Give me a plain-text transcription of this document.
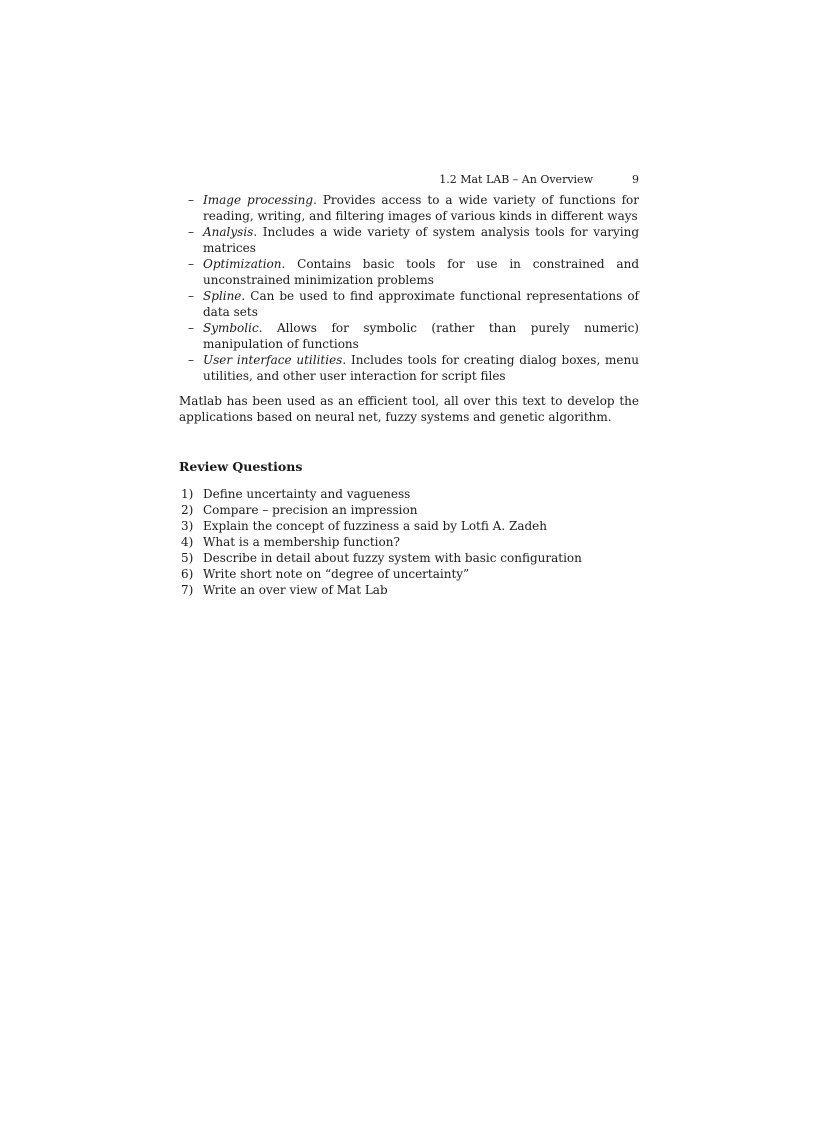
1.2 Mat LAB – An Overview	9
– Image processing. Provides access to a wide variety of functions for reading, writing, and filtering images of various kinds in different ways
– Analysis. Includes a wide variety of system analysis tools for varying matrices
– Optimization. Contains basic tools for use in constrained and unconstrained minimization problems
– Spline. Can be used to find approximate functional representations of data sets
– Symbolic. Allows for symbolic (rather than purely numeric) manipulation of functions
– User interface utilities. Includes tools for creating dialog boxes, menu utilities, and other user interaction for script files

Matlab has been used as an efficient tool, all over this text to develop the applications based on neural net, fuzzy systems and genetic algorithm.

Review Questions
1) Define uncertainty and vagueness
2) Compare – precision an impression
3) Explain the concept of fuzziness a said by Lotfi A. Zadeh
4) What is a membership function?
5) Describe in detail about fuzzy system with basic configuration
6) Write short note on “degree of uncertainty”
7) Write an over view of Mat Lab
